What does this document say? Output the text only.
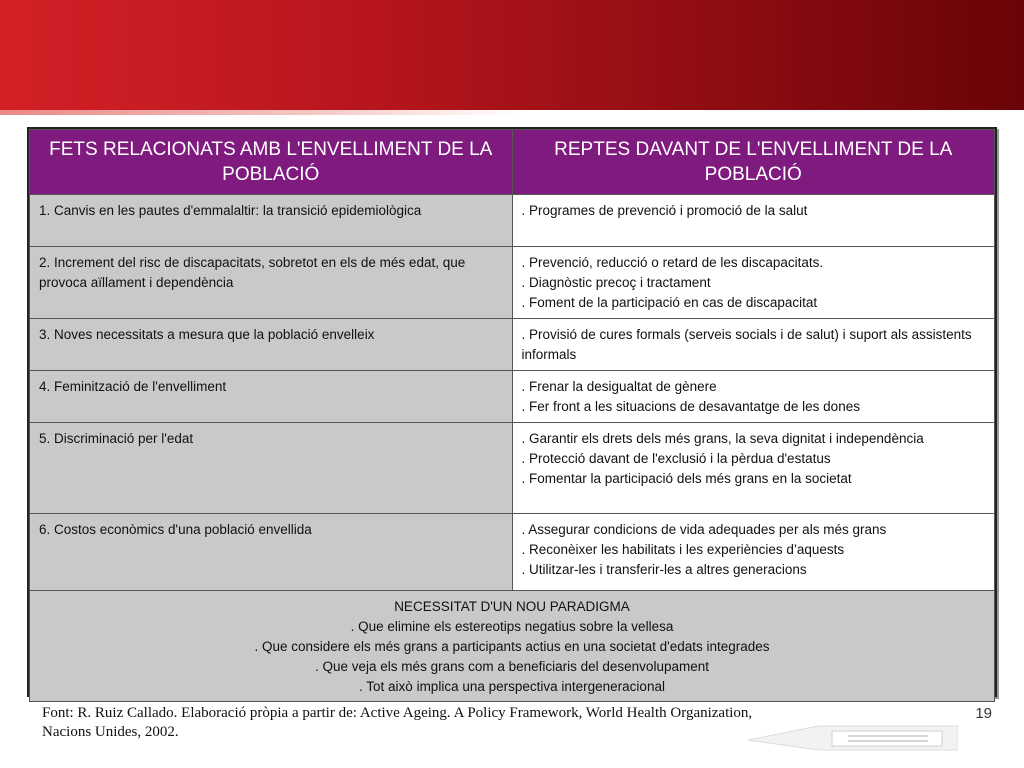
FETS RELACIONATS AMB L'ENVELLIMENT DE LA POBLACIÓ	REPTES DAVANT DE L'ENVELLIMENT DE LA POBLACIÓ
1. Canvis en les pautes d'emmalaltir: la transició epidemiològica	. Programes de prevenció i promoció de la salut

2. Increment del risc de discapacitats, sobretot en els de més edat, que provoca aïllament i dependència	. Prevenció, reducció o retard de les discapacitats.
. Diagnòstic precoç i tractament
. Foment de la participació en cas de discapacitat

3. Noves necessitats a mesura que la població envelleix	. Provisió de cures formals (serveis socials i de salut) i suport als assistents informals

4. Feminització de l'envelliment	. Frenar la desigualtat de gènere
. Fer front a les situacions de desavantatge de les dones

5. Discriminació per l'edat	. Garantir els drets dels més grans, la seva dignitat i independència
. Protecció davant de l'exclusió i la pèrdua d'estatus
. Fomentar la participació dels més grans en la societat

6. Costos econòmics d'una població envellida	. Assegurar condicions de vida adequades per als més grans
. Reconèixer les habilitats i les experiències d’aquests
. Utilitzar-les i transferir-les a altres generacions

NECESSITAT D'UN NOU PARADIGMA
. Que elimine els estereotips negatius sobre la vellesa
. Que considere els més grans a participants actius en una societat d'edats integrades
. Que veja els més grans com a beneficiaris del desenvolupament
. Tot això implica una perspectiva intergeneracional	
Font: R. Ruiz Callado. Elaboració pròpia a partir de: Active Ageing. A Policy Framework, World Health Organization,
Nacions Unides, 2002.
19
